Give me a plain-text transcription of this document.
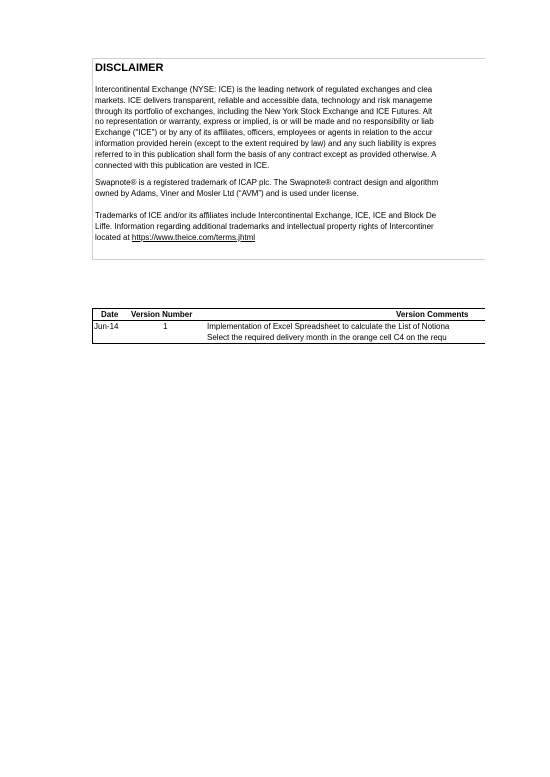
DISCLAIMER
Intercontinental Exchange (NYSE: ICE) is the leading network of regulated exchanges and clea
markets. ICE delivers transparent, reliable and accessible data, technology and risk manageme
through its portfolio of exchanges, including the New York Stock Exchange and ICE Futures. Alt
no representation or warranty, express or implied, is or will be made and no responsibility or liab
Exchange ("ICE") or by any of its affiliates, officers, employees or agents in relation to the accur
information provided herein (except to the extent required by law) and any such liability is expres
referred to in this publication shall form the basis of any contract except as provided otherwise. A
connected with this publication are vested in ICE.
Swapnote® is a registered trademark of ICAP plc. The Swapnote® contract design and algorithm
owned by Adams, Viner and Mosler Ltd (“AVM”) and is used under license.
Trademarks of ICE and/or its affiliates include Intercontinental Exchange, ICE, ICE and Block De
Liffe. Information regarding additional trademarks and intellectual property rights of Intercontiner
located at https://www.theice.com/terms.jhtml
Date Version Number	Version Comments
Jun-14	1	Implementation of Excel Spreadsheet to calculate the List of Notiona
Select the required delivery month in the orange cell C4 on the requ
